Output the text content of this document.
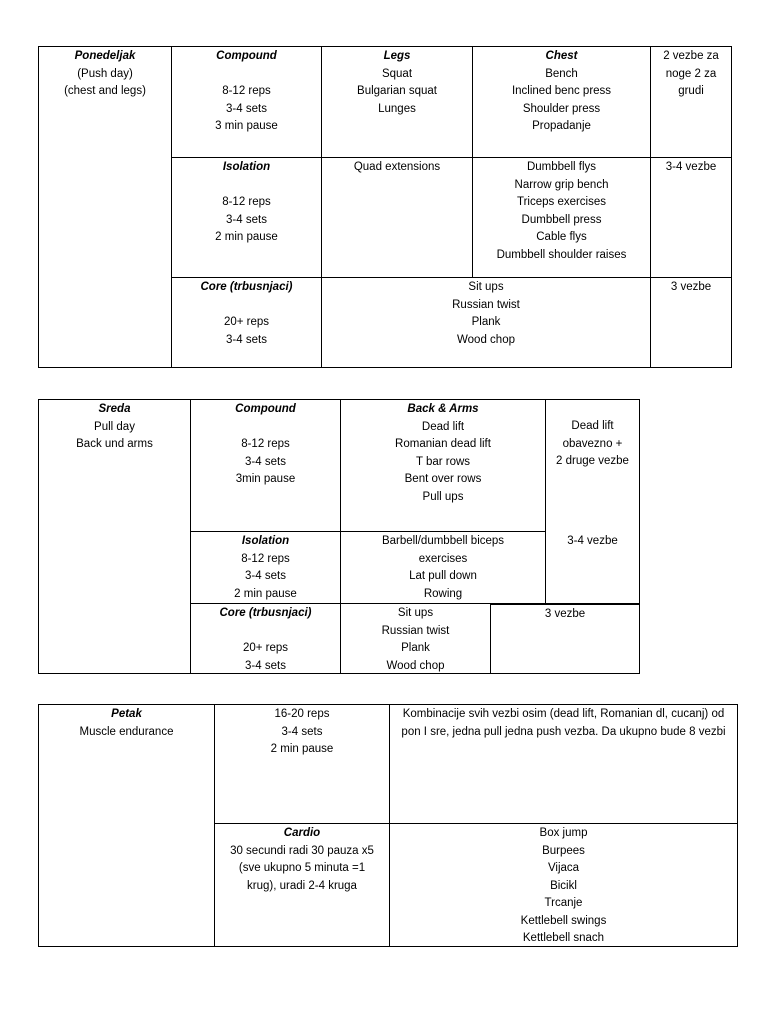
Ponedeljak
(Push day)
(chest and legs)
Compound
8-12 reps
3-4 sets
3 min pause
Legs
Squat
Bulgarian squat
Lunges
Chest
Bench
Inclined benc press
Shoulder press
Propadanje
2 vezbe za
noge 2 za
grudi
Isolation
8-12 reps
3-4 sets
2 min pause
Quad extensions	Dumbbell flys
Narrow grip bench
Triceps exercises
Dumbbell press
Cable flys
Dumbbell shoulder raises
3-4 vezbe
Core (trbusnjaci)
20+ reps
3-4 sets
Sit ups
Russian twist
Plank
Wood chop
3 vezbe
Sreda
Pull day
Back und arms
Compound
8-12 reps
3-4 sets
3min pause
Back & Arms
Dead lift
Romanian dead lift
T bar rows
Bent over rows
Pull ups
Dead lift
obavezno +
2 druge vezbe
Isolation
8-12 reps
3-4 sets
2 min pause
Barbell/dumbbell biceps
exercises
Lat pull down
Rowing
3-4 vezbe
Core (trbusnjaci)
20+ reps
3-4 sets
Sit ups
Russian twist
Plank
Wood chop
3 vezbe
Petak
Muscle endurance
16-20 reps
3-4 sets
2 min pause
Kombinacije svih vezbi osim (dead lift, Romanian dl, cucanj) od pon I sre, jedna pull jedna push vezba. Da ukupno bude 8 vezbi
Cardio
30 secundi radi 30 pauza x5
(sve ukupno 5 minuta =1
krug), uradi 2-4 kruga
Box jump
Burpees
Vijaca
Bicikl
Trcanje
Kettlebell swings
Kettlebell snach
